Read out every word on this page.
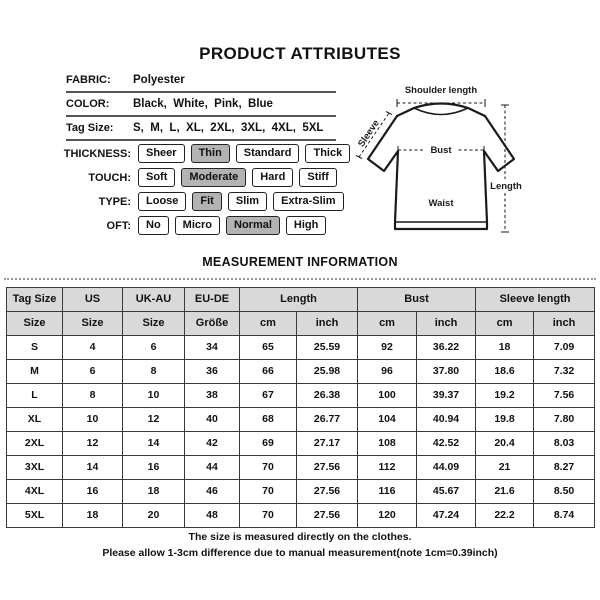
PRODUCT ATTRIBUTES
FABRIC:	Polyester
COLOR:	Black,  White,  Pink,  Blue
Tag Size:	S,  M,  L,  XL,  2XL,  3XL,  4XL,  5XL
THICKNESS:	Sheer	Thin	Standard	Thick
TOUCH:	Soft	Moderate	Hard	Stiff
TYPE:	Loose	Fit	Slim	Extra-Slim
OFT:	No	Micro	Normal	High
Shoulder length
Sleeve
Bust
Waist
Length
MEASUREMENT INFORMATION
Tag Size	US	UK-AU	EU-DE	Length		Bust		Sleeve length	
Size	Size	Size	Größe	cm	inch	cm	inch	cm	inch
S	4	6	34	65	25.59	92	36.22	18	7.09
M	6	8	36	66	25.98	96	37.80	18.6	7.32
L	8	10	38	67	26.38	100	39.37	19.2	7.56
XL	10	12	40	68	26.77	104	40.94	19.8	7.80
2XL	12	14	42	69	27.17	108	42.52	20.4	8.03
3XL	14	16	44	70	27.56	112	44.09	21	8.27
4XL	16	18	46	70	27.56	116	45.67	21.6	8.50
5XL	18	20	48	70	27.56	120	47.24	22.2	8.74
The size is measured directly on the clothes.
Please allow 1-3cm difference due to manual measurement(note 1cm=0.39inch)
